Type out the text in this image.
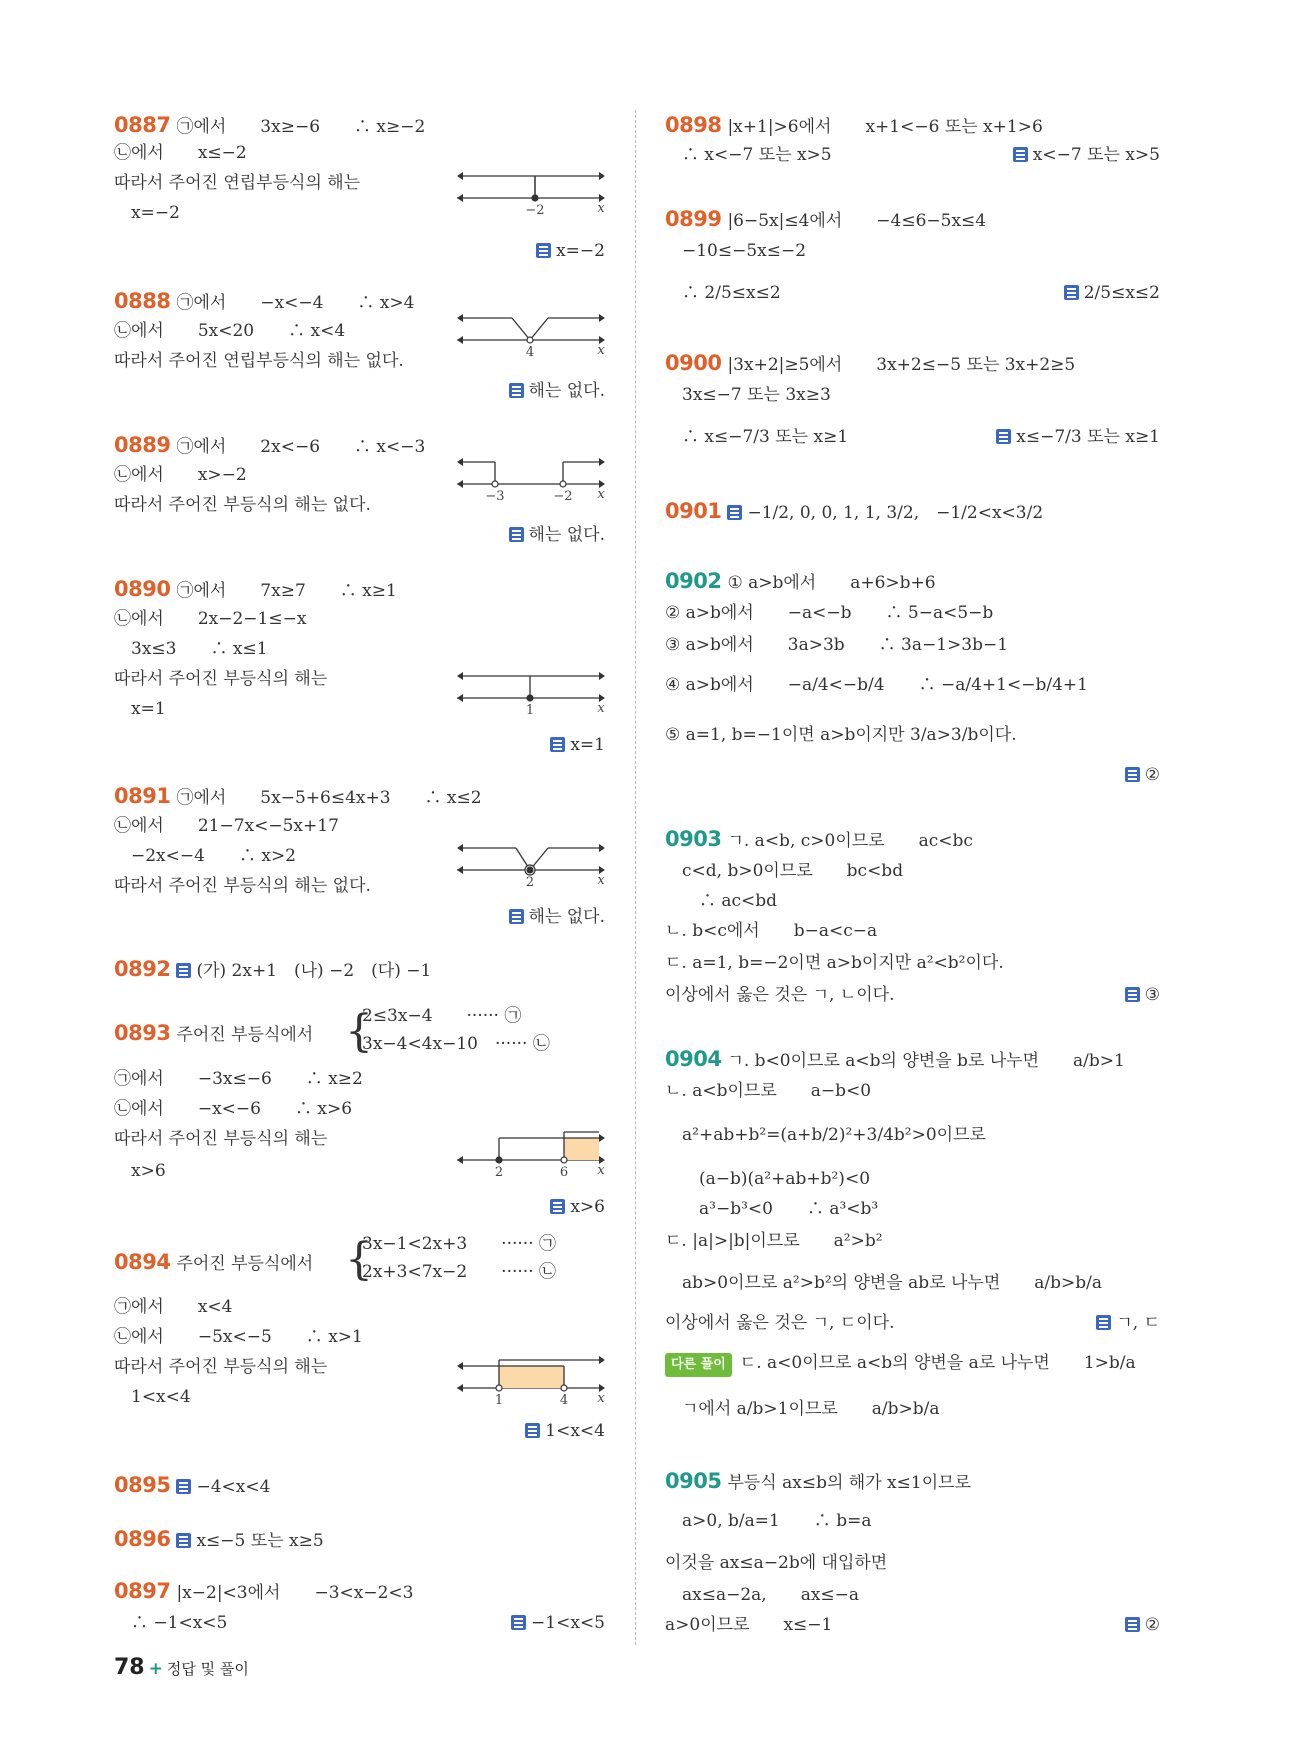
0887 ㉠에서　　3x≥−6　　∴ x≥−2
㉡에서　　x≤−2
따라서 주어진 연립부등식의 해는
　x=−2	−2	x
x=−2
0888 ㉠에서　　−x<−4　　∴ x>4
㉡에서　　5x<20　　∴ x<4
따라서 주어진 연립부등식의 해는 없다.	4	x
해는 없다.
0889 ㉠에서　　2x<−6　　∴ x<−3
㉡에서　　x>−2
따라서 주어진 부등식의 해는 없다.	−3	−2 x
해는 없다.
0890 ㉠에서　　7x≥7　　∴ x≥1
㉡에서　　2x−2−1≤−x
　3x≤3　　∴ x≤1
따라서 주어진 부등식의 해는
　x=1	1	x
x=1
0891 ㉠에서　　5x−5+6≤4x+3　　∴ x≤2
㉡에서　　21−7x<−5x+17
　−2x<−4　　∴ x>2
따라서 주어진 부등식의 해는 없다.	2	x
해는 없다.
0892 (가) 2x+1　(나) −2　(다) −1
0893 주어진 부등식에서 {
2≤3x−4　　······ ㉠
3x−4<4x−10　······ ㉡
㉠에서　　−3x≤−6　　∴ x≥2
㉡에서　　−x<−6　　∴ x>6
따라서 주어진 부등식의 해는
　x>6	2	6 x
x>6
0894 주어진 부등식에서 {
3x−1<2x+3　　······ ㉠
2x+3<7x−2　　······ ㉡
㉠에서　　x<4
㉡에서　　−5x<−5　　∴ x>1
따라서 주어진 부등식의 해는
　1<x<4	1	4 x
1<x<4
0895 −4<x<4
0896 x≤−5 또는 x≥5
0897 |x−2|<3에서　　−3<x−2<3
　∴ −1<x<5	−1<x<5
0898 |x+1|>6에서　　x+1<−6 또는 x+1>6
　∴ x<−7 또는 x>5	x<−7 또는 x>5
0899 |6−5x|≤4에서　　−4≤6−5x≤4
　−10≤−5x≤−2
　∴ 2/5≤x≤2	2/5≤x≤2
0900 |3x+2|≥5에서　　3x+2≤−5 또는 3x+2≥5
　3x≤−7 또는 3x≥3
　∴ x≤−7/3 또는 x≥1	x≤−7/3 또는 x≥1
0901 −1/2, 0, 0, 1, 1, 3/2,　−1/2<x<3/2
0902 ① a>b에서　　a+6>b+6
② a>b에서　　−a<−b　　∴ 5−a<5−b
③ a>b에서　　3a>3b　　∴ 3a−1>3b−1
④ a>b에서　　−a/4<−b/4　　∴ −a/4+1<−b/4+1
⑤ a=1, b=−1이면 a>b이지만 3/a>3/b이다.
②
0903 ㄱ. a<b, c>0이므로　　ac<bc
　c<d, b>0이므로　　bc<bd
　　∴ ac<bd
ㄴ. b<c에서　　b−a<c−a
ㄷ. a=1, b=−2이면 a>b이지만 a²<b²이다.
이상에서 옳은 것은 ㄱ, ㄴ이다.	③
0904 ㄱ. b<0이므로 a<b의 양변을 b로 나누면　　a/b>1
ㄴ. a<b이므로　　a−b<0
　a²+ab+b²=(a+b/2)²+3/4b²>0이므로
　　(a−b)(a²+ab+b²)<0
　　a³−b³<0　　∴ a³<b³
ㄷ. |a|>|b|이므로　　a²>b²
　ab>0이므로 a²>b²의 양변을 ab로 나누면　　a/b>b/a
이상에서 옳은 것은 ㄱ, ㄷ이다.	ㄱ, ㄷ
다른 풀이 ㄷ. a<0이므로 a<b의 양변을 a로 나누면　　1>b/a
　ㄱ에서 a/b>1이므로　　a/b>b/a
0905 부등식 ax≤b의 해가 x≤1이므로
　a>0, b/a=1　　∴ b=a
이것을 ax≤a−2b에 대입하면
　ax≤a−2a,　　ax≤−a
a>0이므로　　x≤−1	②
78 + 정답 및 풀이
